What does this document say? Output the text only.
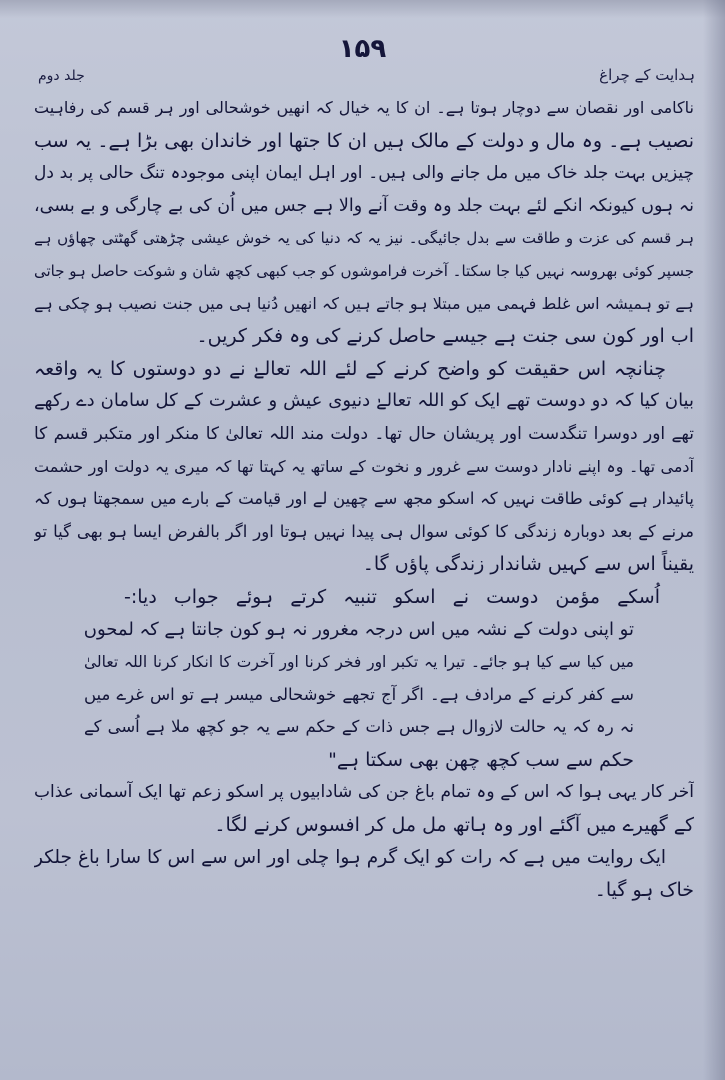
۱۵۹
ہدایت کے چراغ
جلد دوم
ناکامی اور نقصان سے دوچار ہوتا ہے۔ ان کا یہ خیال کہ انھیں خوشحالی اور ہر قسم کی رفاہیت
نصیب ہے۔ وہ مال و دولت کے مالک ہیں ان کا جتھا اور خاندان بھی بڑا ہے۔ یہ سب
چیزیں بہت جلد خاک میں مل جانے والی ہیں۔ اور اہل ایمان اپنی موجودہ تنگ حالی پر بد دل
نہ ہوں کیونکہ انکے لئے بہت جلد وہ وقت آنے والا ہے جس میں اُن کی بے چارگی و بے بسی،
ہر قسم کی عزت و طاقت سے بدل جائیگی۔ نیز یہ کہ دنیا کی یہ خوش عیشی چڑھتی گھٹتی چھاؤں ہے
جسپر کوئی بھروسہ نہیں کیا جا سکتا۔ آخرت فراموشوں کو جب کبھی کچھ شان و شوکت حاصل ہو جاتی
ہے تو ہمیشہ اس غلط فہمی میں مبتلا ہو جاتے ہیں کہ انھیں دُنیا ہی میں جنت نصیب ہو چکی ہے
اب اور کون سی جنت ہے جیسے حاصل کرنے کی وہ فکر کریں۔
چنانچہ اس حقیقت کو واضح کرنے کے لئے اللہ تعالےٰ نے دو دوستوں کا یہ واقعہ
بیان کیا کہ دو دوست تھے ایک کو اللہ تعالےٰ دنیوی عیش و عشرت کے کل سامان دے رکھے
تھے اور دوسرا تنگدست اور پریشان حال تھا۔ دولت مند اللہ تعالیٰ کا منکر اور متکبر قسم کا
آدمی تھا۔ وہ اپنے نادار دوست سے غرور و نخوت کے ساتھ یہ کہتا تھا کہ میری یہ دولت اور حشمت
پائیدار ہے کوئی طاقت نہیں کہ اسکو مجھ سے چھین لے اور قیامت کے بارے میں سمجھتا ہوں کہ
مرنے کے بعد دوبارہ زندگی کا کوئی سوال ہی پیدا نہیں ہوتا اور اگر بالفرض ایسا ہو بھی گیا تو
یقیناً اس سے کہیں شاندار زندگی پاؤں گا۔
اُسکے مؤمن دوست نے اسکو تنبیہ کرتے ہوئے جواب دیا:-
تو اپنی دولت کے نشہ میں اس درجہ مغرور نہ ہو کون جانتا ہے کہ لمحوں
میں کیا سے کیا ہو جائے۔ تیرا یہ تکبر اور فخر کرنا اور آخرت کا انکار کرنا اللہ تعالیٰ
سے کفر کرنے کے مرادف ہے۔ اگر آج تجھے خوشحالی میسر ہے تو اس غرے میں
نہ رہ کہ یہ حالت لازوال ہے جس ذات کے حکم سے یہ جو کچھ ملا ہے اُسی کے
حکم سے سب کچھ چھن بھی سکتا ہے"
آخر کار یہی ہوا کہ اس کے وہ تمام باغ جن کی شادابیوں پر اسکو زعم تھا ایک آسمانی عذاب
کے گھیرے میں آگئے اور وہ ہاتھ مل مل کر افسوس کرنے لگا۔
ایک روایت میں ہے کہ رات کو ایک گرم ہوا چلی اور اس سے اس کا سارا باغ جلکر
خاک ہو گیا۔
